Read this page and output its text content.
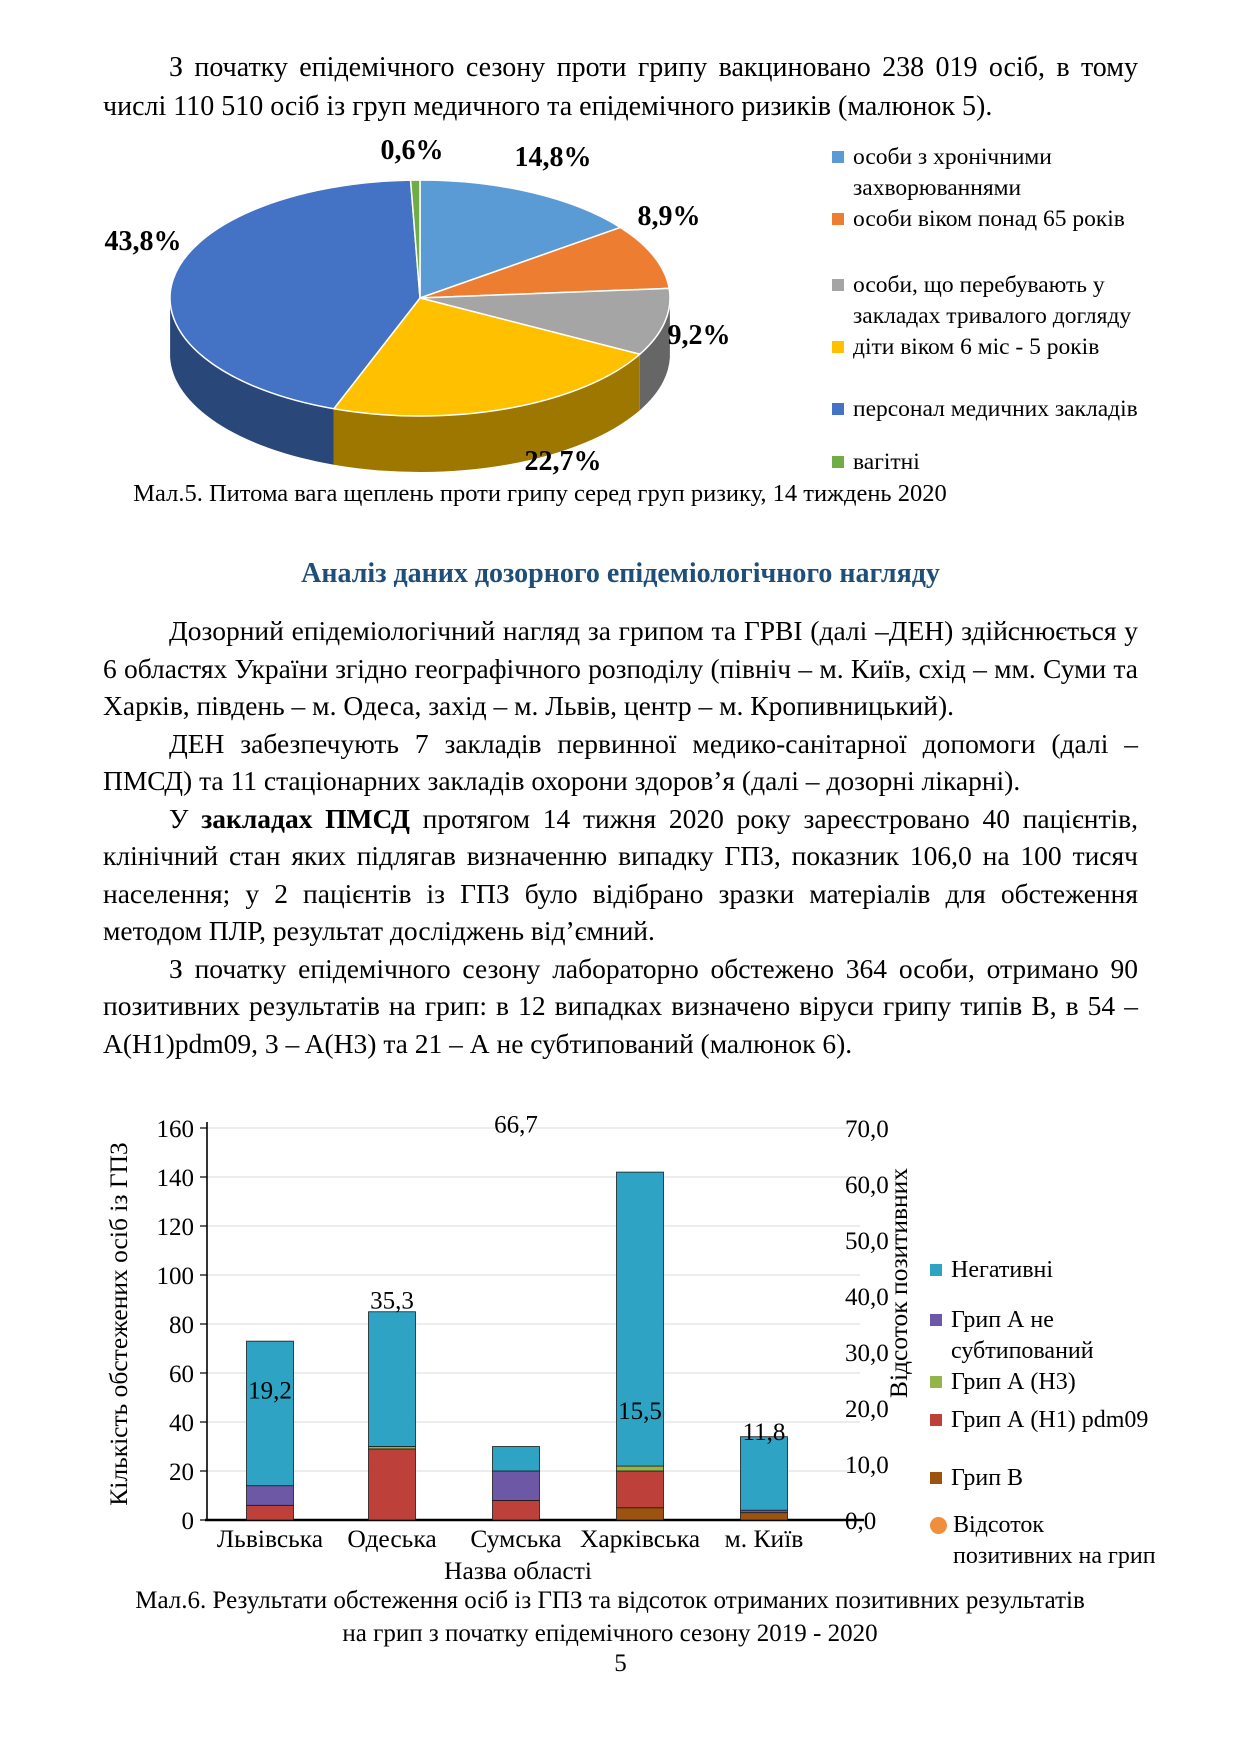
З початку епідемічного сезону проти грипу вакциновано 238 019 осіб, в тому числі 110 510 осіб із груп медичного та епідемічного ризиків (малюнок 5).

14,8%
8,9%
9,2%
22,7%
43,8%
0,6%	особи з хронічними
захворюваннями
особи віком понад 65 років
особи, що перебувають у
закладах тривалого догляду
діти віком 6 міс - 5 років
персонал медичних закладів
вагітні

Мал.5. Питома вага щеплень проти грипу серед груп ризику, 14 тиждень 2020

Аналіз даних дозорного епідеміологічного нагляду

Дозорний епідеміологічний нагляд за грипом та ГРВІ (далі –ДЕН) здійснюється у 6 областях України згідно географічного розподілу (північ – м. Київ, схід – мм. Суми та Харків, південь – м. Одеса, захід – м. Львів, центр – м. Кропивницький).

ДЕН забезпечують 7 закладів первинної медико-санітарної допомоги (далі – ПМСД) та 11 стаціонарних закладів охорони здоров’я (далі – дозорні лікарні).

У закладах ПМСД протягом 14 тижня 2020 року зареєстровано 40 пацієнтів, клінічний стан яких підлягав визначенню випадку ГПЗ, показник 106,0 на 100 тисяч населення; у 2 пацієнтів із ГПЗ було відібрано зразки матеріалів для обстеження методом ПЛР, результат досліджень від’ємний.

З початку епідемічного сезону лабораторно обстежено 364 особи, отримано 90 позитивних результатів на грип: в 12 випадках визначено віруси грипу типів В, в 54 – A(H1)pdm09, 3 – A(H3) та 21 – А не субтипований (малюнок 6).

0
20
40
60
80
100
120
140
160
0,0
10,0
20,0
30,0
40,0
50,0
60,0
70,0
Кількість обстежених осіб із ГПЗ	Відсоток позитивних
19,2
35,3
66,7
15,5
11,8
Львівська Одеська Сумська Харківська м. Київ
Назва області
Негативні
Грип А не
субтипований
Грип А (Н3)
Грип А (Н1) pdm09
Грип В
Відсоток
позитивних на грип

Мал.6. Результати обстеження осіб із ГПЗ та відсоток отриманих позитивних результатів
на грип з початку епідемічного сезону 2019 - 2020

5
